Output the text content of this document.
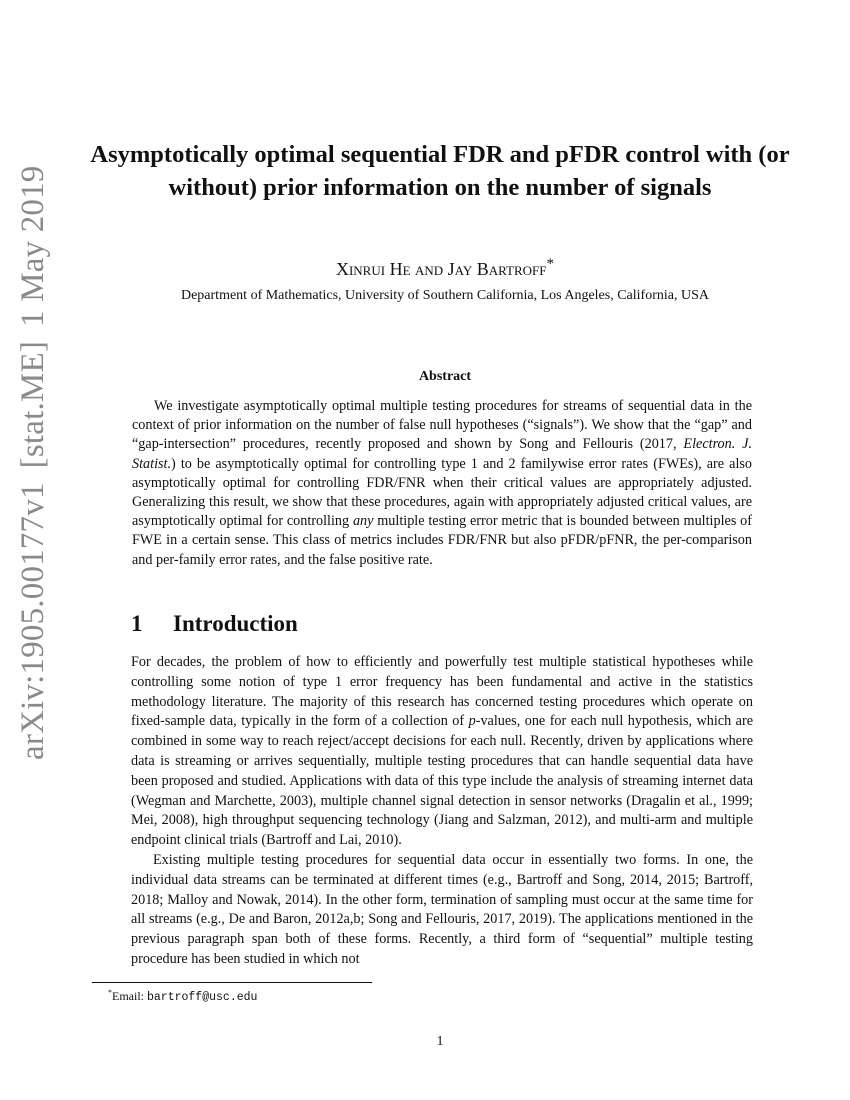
arXiv:1905.00177v1[stat.ME]1 May 2019
Asymptotically optimal sequential FDR and pFDR control with (or without) prior information on the number of signals
Xinrui He and Jay Bartroff*
Department of Mathematics, University of Southern California, Los Angeles, California, USA
Abstract
We investigate asymptotically optimal multiple testing procedures for streams of sequential data in the context of prior information on the number of false null hypotheses (“signals”). We show that the “gap” and “gap-intersection” procedures, recently proposed and shown by Song and Fellouris (2017, Electron. J. Statist.) to be asymptotically optimal for controlling type 1 and 2 familywise error rates (FWEs), are also asymptotically optimal for controlling FDR/FNR when their critical values are appropriately adjusted. Generalizing this result, we show that these procedures, again with appropriately adjusted critical values, are asymptotically optimal for controlling any multiple testing error metric that is bounded between multiples of FWE in a certain sense. This class of metrics includes FDR/FNR but also pFDR/pFNR, the per-comparison and per-family error rates, and the false positive rate.
1 Introduction

For decades, the problem of how to efficiently and powerfully test multiple statistical hypotheses while controlling some notion of type 1 error frequency has been fundamental and active in the statistics methodology literature. The majority of this research has concerned testing procedures which operate on fixed-sample data, typically in the form of a collection of p-values, one for each null hypothesis, which are combined in some way to reach reject/accept decisions for each null. Recently, driven by applications where data is streaming or arrives sequentially, multiple testing procedures that can handle sequential data have been proposed and studied. Applications with data of this type include the analysis of streaming internet data (Wegman and Marchette, 2003), multiple channel signal detection in sensor networks (Dragalin et al., 1999; Mei, 2008), high throughput sequencing technology (Jiang and Salzman, 2012), and multi-arm and multiple endpoint clinical trials (Bartroff and Lai, 2010).

Existing multiple testing procedures for sequential data occur in essentially two forms. In one, the individual data streams can be terminated at different times (e.g., Bartroff and Song, 2014, 2015; Bartroff, 2018; Malloy and Nowak, 2014). In the other form, termination of sampling must occur at the same time for all streams (e.g., De and Baron, 2012a,b; Song and Fellouris, 2017, 2019). The applications mentioned in the previous paragraph span both of these forms. Recently, a third form of “sequential” multiple testing procedure has been studied in which not

*Email: bartroff@usc.edu
1
